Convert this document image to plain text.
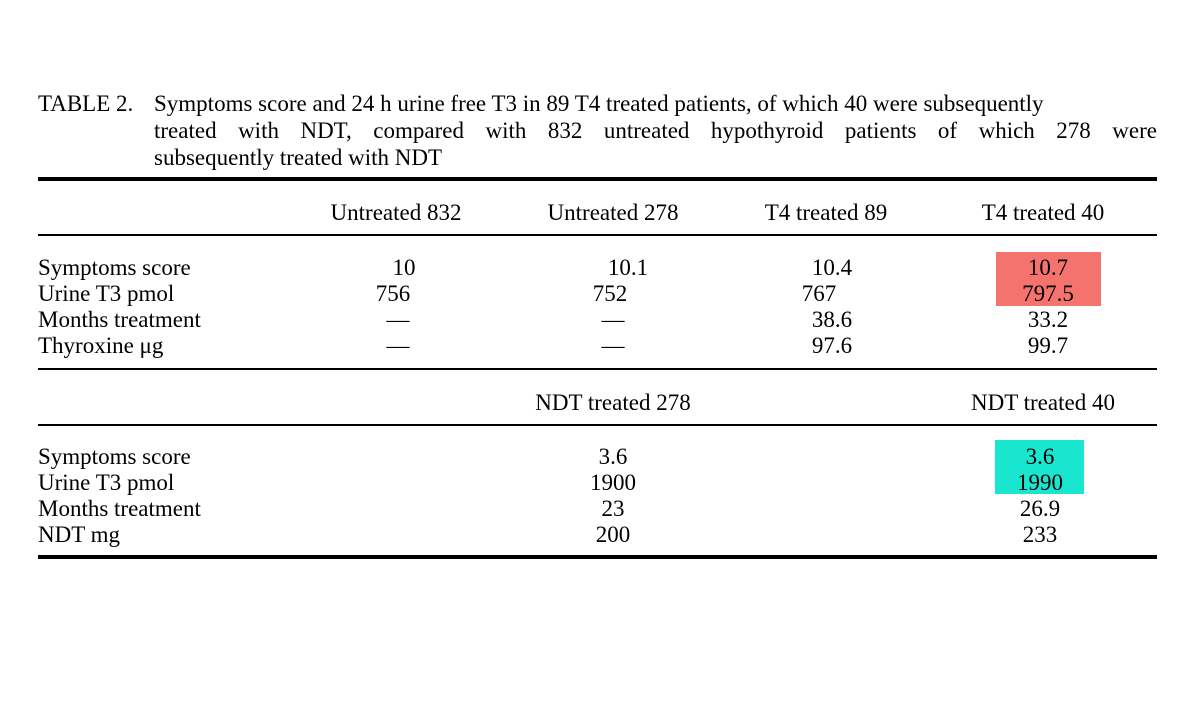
TABLE 2. Symptoms score and 24 h urine free T3 in 89 T4 treated patients, of which 40 were subsequently
treated with NDT, compared with 832 untreated hypothyroid patients of which 278 were
subsequently treated with NDT
Untreated 832	Untreated 278	T4 treated 89	T4 treated 40
Symptoms score	10	10.1	10.4	10.7
Urine T3 pmol	756	752	767	797.5
Months treatment	—	—	38.6	33.2
Thyroxine μg	—	—	97.6	99.7
NDT treated 278	NDT treated 40
Symptoms score	3.6	3.6
Urine T3 pmol	1900	1990
Months treatment	23	26.9
NDT mg	200	233
